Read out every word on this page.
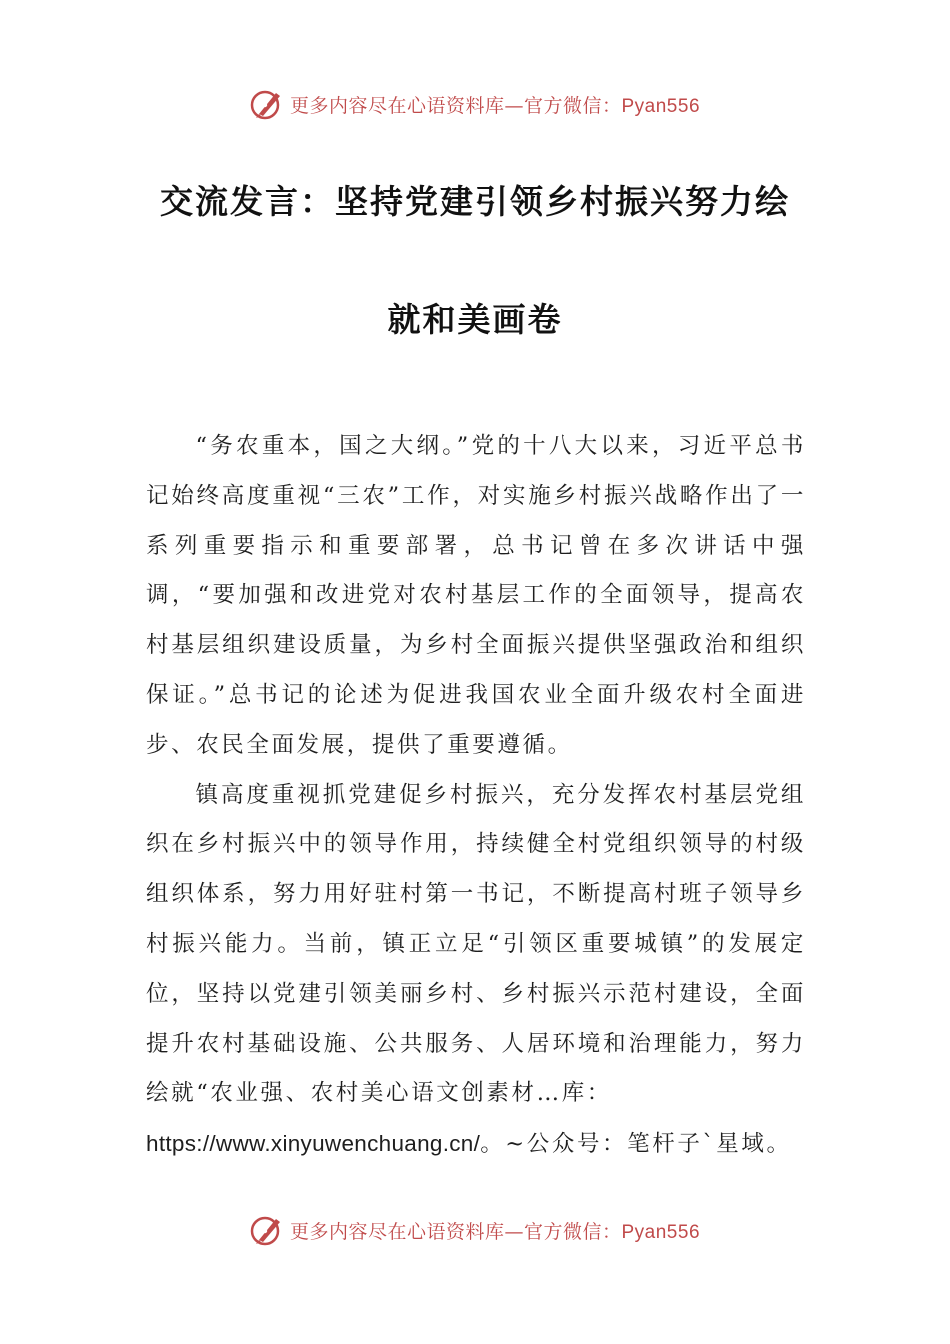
更多内容尽在心语资料库—官方微信：Pyan556
交流发言：坚持党建引领乡村振兴努力绘
就和美画卷

“务农重本，国之大纲。”党的十八大以来，习近平总书记始终高度重视“三农”工作，对实施乡村振兴战略作出了一系列重要指示和重要部署，总书记曾在多次讲话中强调，“要加强和改进党对农村基层工作的全面领导，提高农村基层组织建设质量，为乡村全面振兴提供坚强政治和组织保证。”总书记的论述为促进我国农业全面升级农村全面进步、农民全面发展，提供了重要遵循。

镇高度重视抓党建促乡村振兴，充分发挥农村基层党组织在乡村振兴中的领导作用，持续健全村党组织领导的村级组织体系，努力用好驻村第一书记，不断提高村班子领导乡村振兴能力。当前，镇正立足“引领区重要城镇”的发展定位，坚持以党建引领美丽乡村、乡村振兴示范村建设，全面提升农村基础设施、公共服务、人居环境和治理能力，努力绘就“农业强、农村美心语文创素材…库：

https://www.xinyuwenchuang.cn/。~公众号：笔杆子`星域。

更多内容尽在心语资料库—官方微信：Pyan556
